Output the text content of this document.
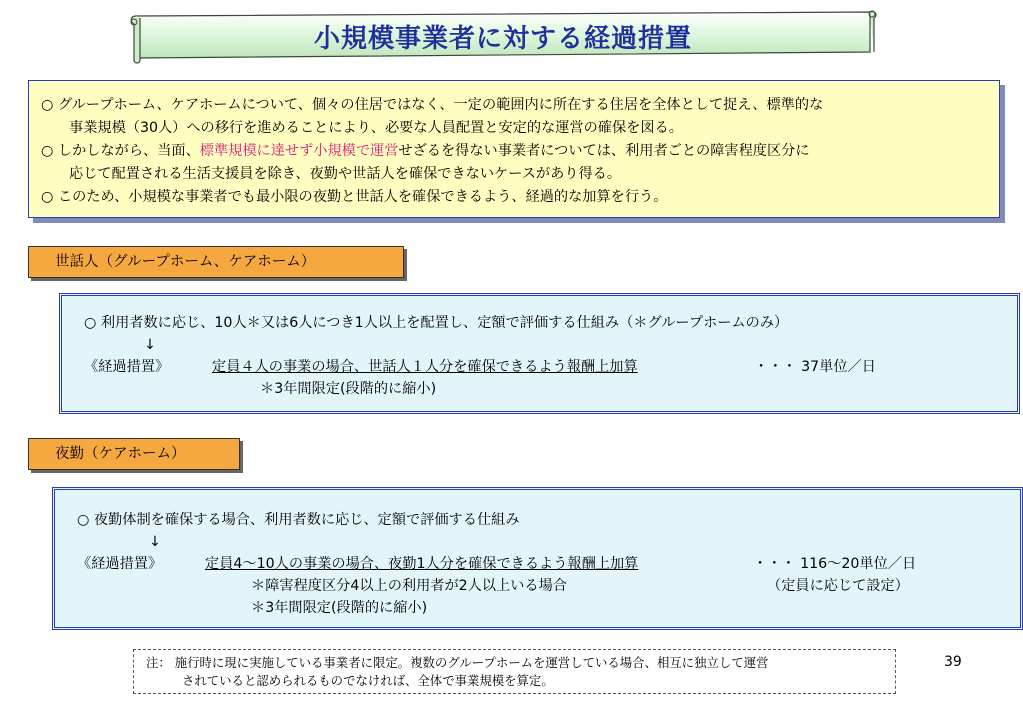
小規模事業者に対する経過措置
○ グループホーム、ケアホームについて、個々の住居ではなく、一定の範囲内に所在する住居を全体として捉え、標準的な
事業規模（30人）への移行を進めることにより、必要な人員配置と安定的な運営の確保を図る。
○ しかしながら、当面、標準規模に達せず小規模で運営せざるを得ない事業者については、利用者ごとの障害程度区分に
応じて配置される生活支援員を除き、夜勤や世話人を確保できないケースがあり得る。
○ このため、小規模な事業者でも最小限の夜勤と世話人を確保できるよう、経過的な加算を行う。
世話人（グループホーム、ケアホーム）
○ 利用者数に応じ、10人＊又は6人につき1人以上を配置し、定額で評価する仕組み（＊グループホームのみ）
↓
《経過措置》	定員４人の事業の場合、世話人１人分を確保できるよう報酬上加算	・・・ 37単位／日
＊3年間限定(段階的に縮小)
夜勤（ケアホーム）
○ 夜勤体制を確保する場合、利用者数に応じ、定額で評価する仕組み
↓
《経過措置》	定員4～10人の事業の場合、夜勤1人分を確保できるよう報酬上加算	・・・ 116～20単位／日
＊障害程度区分4以上の利用者が2人以上いる場合	（定員に応じて設定）
＊3年間限定(段階的に縮小)
注： 施行時に現に実施している事業者に限定。複数のグループホームを運営している場合、相互に独立して運営
されていると認められるものでなければ、全体で事業規模を算定。
39
